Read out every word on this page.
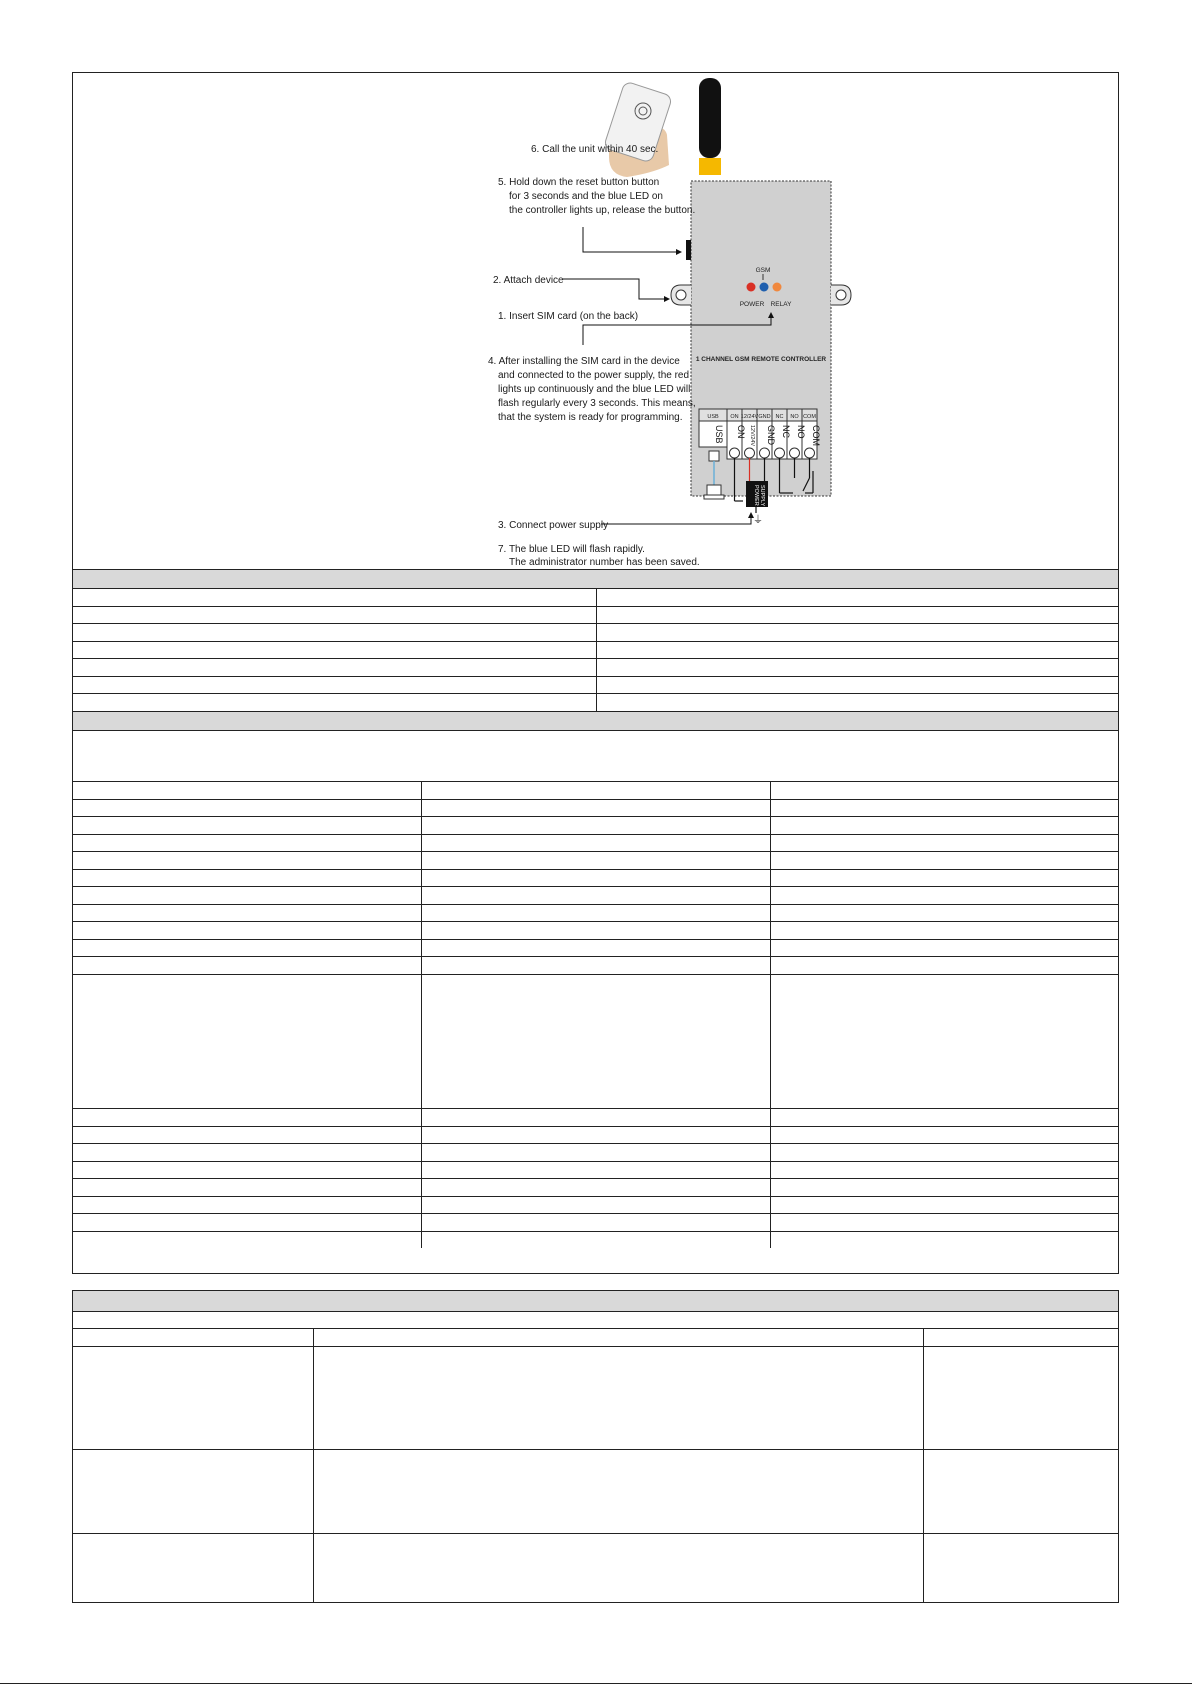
GSM
POWER RELAY
1 CHANNEL GSM REMOTE CONTROLLER
USB ON 12/24V GND NC NO COM
USB ON 12V/24V GND NC NO COM
POWER SUPPLY
⏚
6. Call the unit within 40 sec.
5. Hold down the reset button button
for 3 seconds and the blue LED on
the controller lights up, release the button.
2. Attach device
1. Insert SIM card (on the back)
4. After installing the SIM card in the device
and connected to the power supply, the red
lights up continuously and the blue LED will
flash regularly every 3 seconds. This means,
that the system is ready for programming.
3. Connect power supply
7. The blue LED will flash rapidly.
The administrator number has been saved.
